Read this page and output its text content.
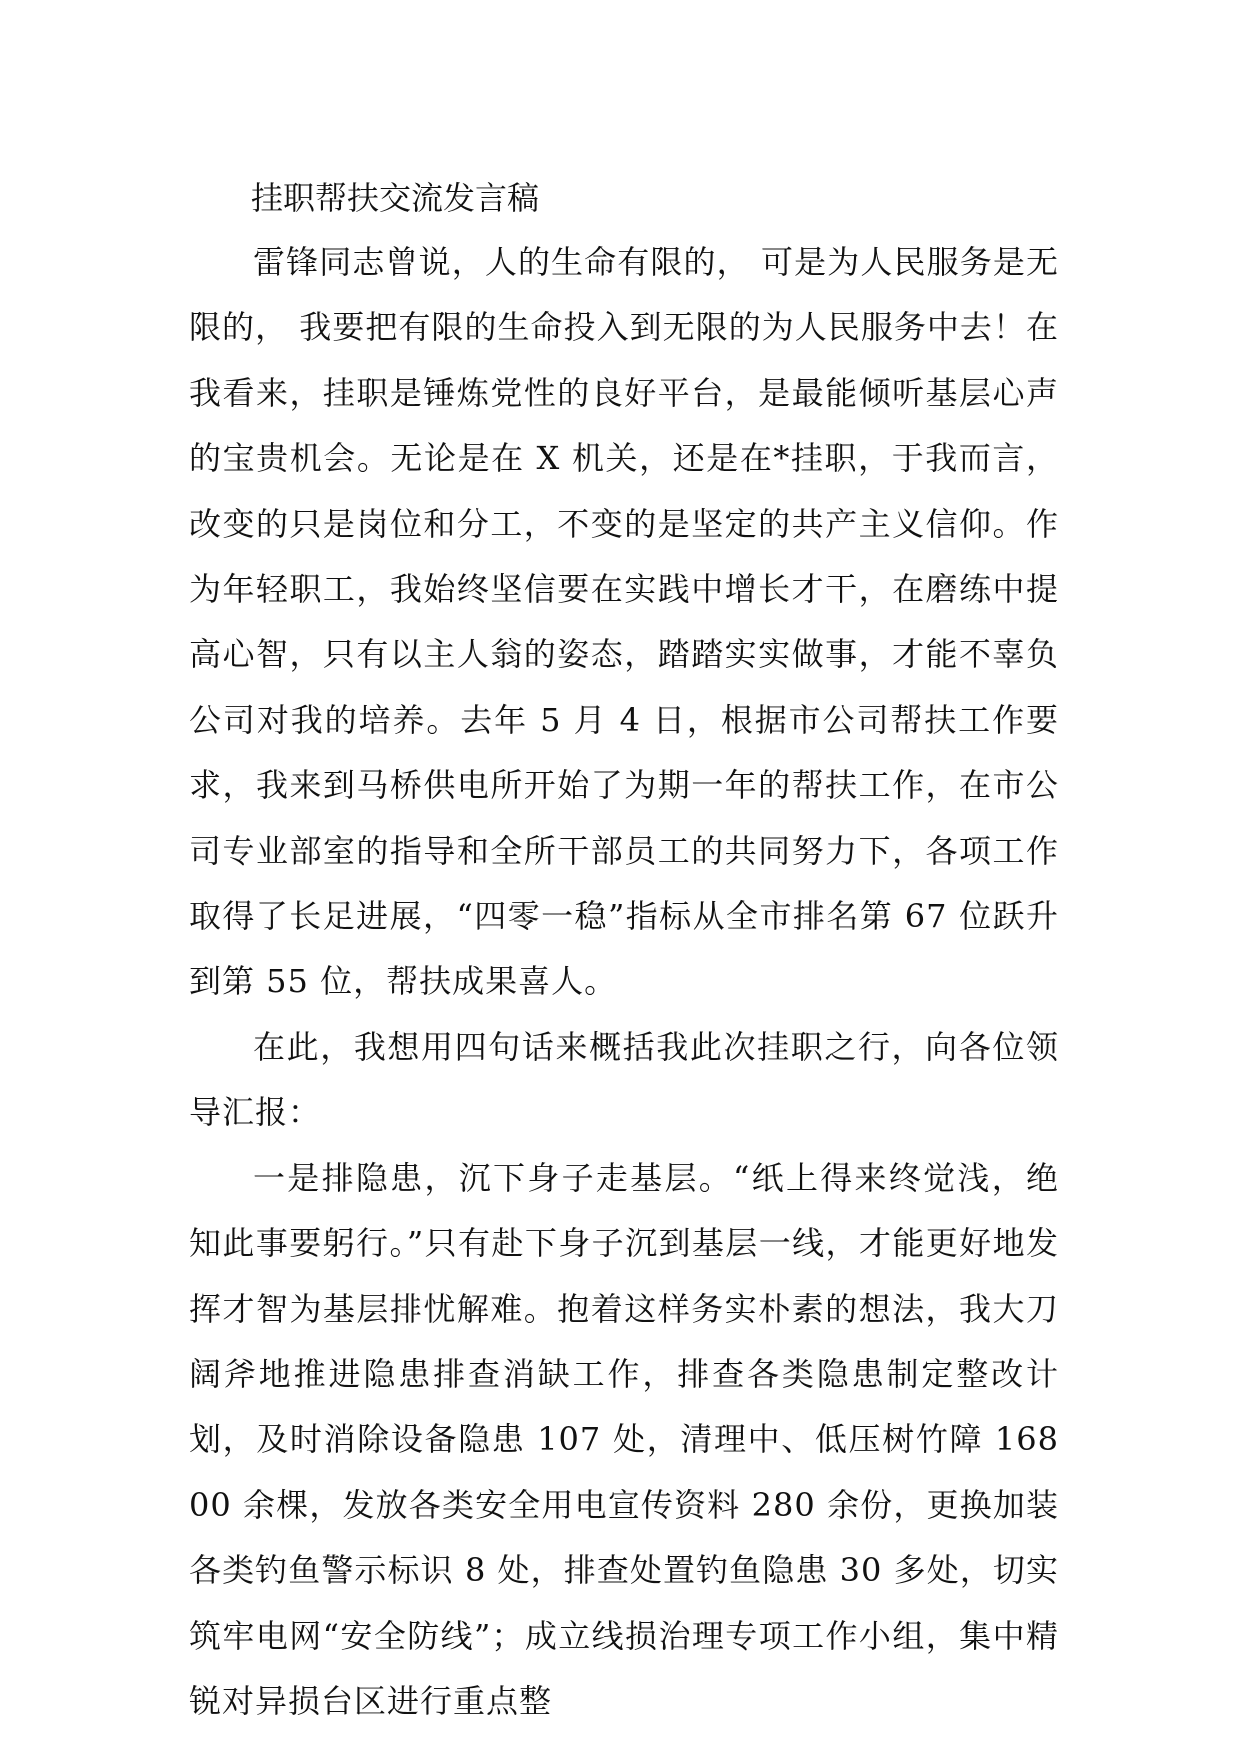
挂职帮扶交流发言稿

雷锋同志曾说，人的生命有限的， 可是为人民服务是无限的， 我要把有限的生命投入到无限的为人民服务中去！在我看来，挂职是锤炼党性的良好平台，是最能倾听基层心声的宝贵机会。无论是在 X 机关，还是在*挂职，于我而言，改变的只是岗位和分工，不变的是坚定的共产主义信仰。作为年轻职工，我始终坚信要在实践中增长才干，在磨练中提高心智，只有以主人翁的姿态，踏踏实实做事，才能不辜负公司对我的培养。去年 5 月 4 日，根据市公司帮扶工作要求，我来到马桥供电所开始了为期一年的帮扶工作，在市公司专业部室的指导和全所干部员工的共同努力下，各项工作取得了长足进展，“四零一稳”指标从全市排名第 67 位跃升到第 55 位，帮扶成果喜人。

在此，我想用四句话来概括我此次挂职之行，向各位领导汇报：

一是排隐患，沉下身子走基层。“纸上得来终觉浅，绝知此事要躬行。”只有赴下身子沉到基层一线，才能更好地发挥才智为基层排忧解难。抱着这样务实朴素的想法，我大刀阔斧地推进隐患排查消缺工作，排查各类隐患制定整改计划，及时消除设备隐患 107 处，清理中、低压树竹障 16800 余棵，发放各类安全用电宣传资料 280 余份，更换加装各类钓鱼警示标识 8 处，排查处置钓鱼隐患 30 多处，切实筑牢电网“安全防线”；成立线损治理专项工作小组，集中精锐对异损台区进行重点整
